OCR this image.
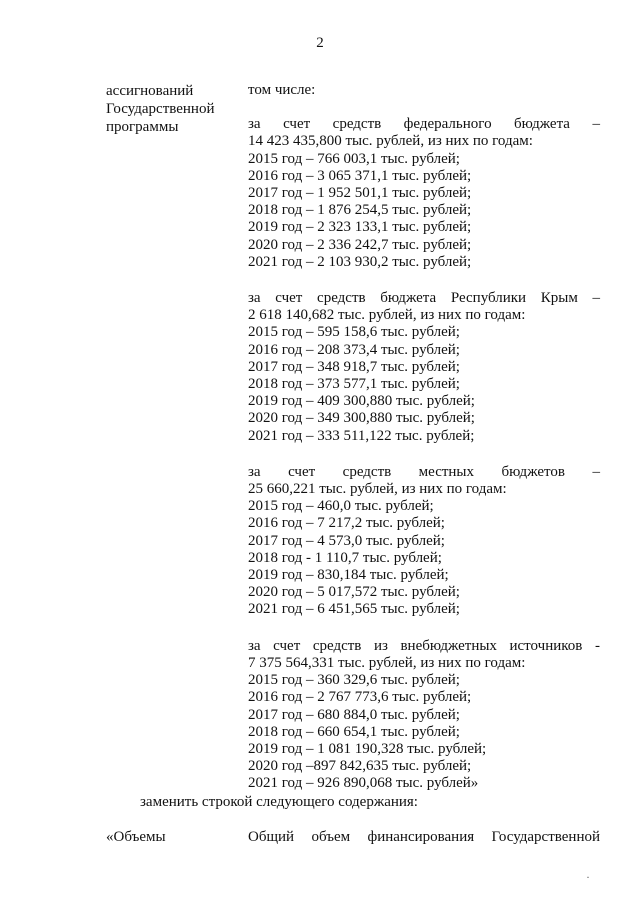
2
ассигнований
Государственной
программы
том числе:
за счет средств федерального бюджета –
14 423 435,800 тыс. рублей, из них по годам:
2015 год – 766 003,1 тыс. рублей;
2016 год – 3 065 371,1 тыс. рублей;
2017 год – 1 952 501,1 тыс. рублей;
2018 год – 1 876 254,5 тыс. рублей;
2019 год – 2 323 133,1 тыс. рублей;
2020 год – 2 336 242,7 тыс. рублей;
2021 год – 2 103 930,2 тыс. рублей;
за счет средств бюджета Республики Крым –
2 618 140,682 тыс. рублей, из них по годам:
2015 год – 595 158,6 тыс. рублей;
2016 год – 208 373,4 тыс. рублей;
2017 год – 348 918,7 тыс. рублей;
2018 год – 373 577,1 тыс. рублей;
2019 год – 409 300,880 тыс. рублей;
2020 год – 349 300,880 тыс. рублей;
2021 год – 333 511,122 тыс. рублей;
за счет средств местных бюджетов –
25 660,221 тыс. рублей, из них по годам:
2015 год – 460,0 тыс. рублей;
2016 год – 7 217,2 тыс. рублей;
2017 год – 4 573,0 тыс. рублей;
2018 год - 1 110,7 тыс. рублей;
2019 год – 830,184 тыс. рублей;
2020 год – 5 017,572 тыс. рублей;
2021 год – 6 451,565 тыс. рублей;
за счет средств из внебюджетных источников -
7 375 564,331 тыс. рублей, из них по годам:
2015 год – 360 329,6 тыс. рублей;
2016 год – 2 767 773,6 тыс. рублей;
2017 год – 680 884,0 тыс. рублей;
2018 год – 660 654,1 тыс. рублей;
2019 год – 1 081 190,328 тыс. рублей;
2020 год –897 842,635 тыс. рублей;
2021 год – 926 890,068 тыс. рублей»
заменить строкой следующего содержания:
«Объемы	Общий объем финансирования Государственной
·
